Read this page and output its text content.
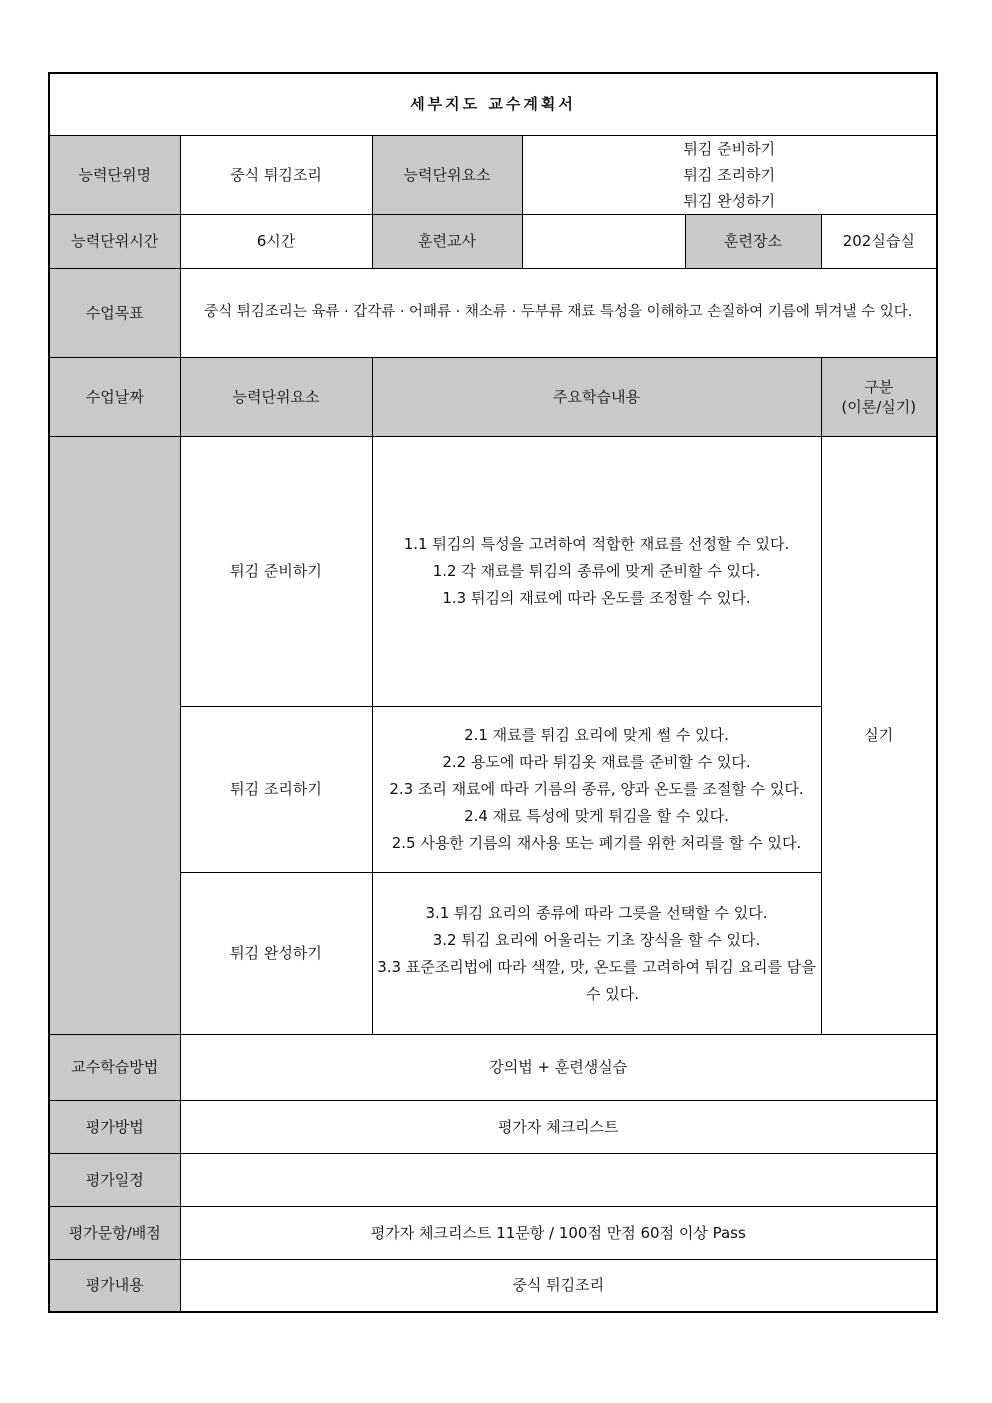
세부지도 교수계획서					
능력단위명	중식 튀김조리	능력단위요소	튀김 준비하기
튀김 조리하기
튀김 완성하기		

능력단위시간	6시간	훈련교사		훈련장소	202실습실
수업목표	중식 튀김조리는 육류 · 갑각류 · 어패류 · 채소류 · 두부류 재료 특성을 이해하고 손질하여 기름에 튀겨낼 수 있다.				
수업날짜	능력단위요소	주요학습내용			구분
(이론/실기)

	튀김 준비하기	1.1 튀김의 특성을 고려하여 적합한 재료를 선정할 수 있다.
1.2 각 재료를 튀김의 종류에 맞게 준비할 수 있다.
1.3 튀김의 재료에 따라 온도를 조정할 수 있다.			실기
	튀김 조리하기	2.1 재료를 튀김 요리에 맞게 썰 수 있다.
2.2 용도에 따라 튀김옷 재료를 준비할 수 있다.
2.3 조리 재료에 따라 기름의 종류, 양과 온도를 조절할 수 있다.
2.4 재료 특성에 맞게 튀김을 할 수 있다.
2.5 사용한 기름의 재사용 또는 폐기를 위한 처리를 할 수 있다.			

	튀김 완성하기	3.1 튀김 요리의 종류에 따라 그릇을 선택할 수 있다.
3.2 튀김 요리에 어울리는 기초 장식을 할 수 있다.
3.3 표준조리법에 따라 색깔, 맛, 온도를 고려하여 튀김 요리를 담을
수 있다.			

교수학습방법	강의법 + 훈련생실습				
평가방법	평가자 체크리스트				
평가일정					
평가문항/배점	평가자 체크리스트 11문항 / 100점 만점 60점 이상 Pass				
평가내용	중식 튀김조리				
